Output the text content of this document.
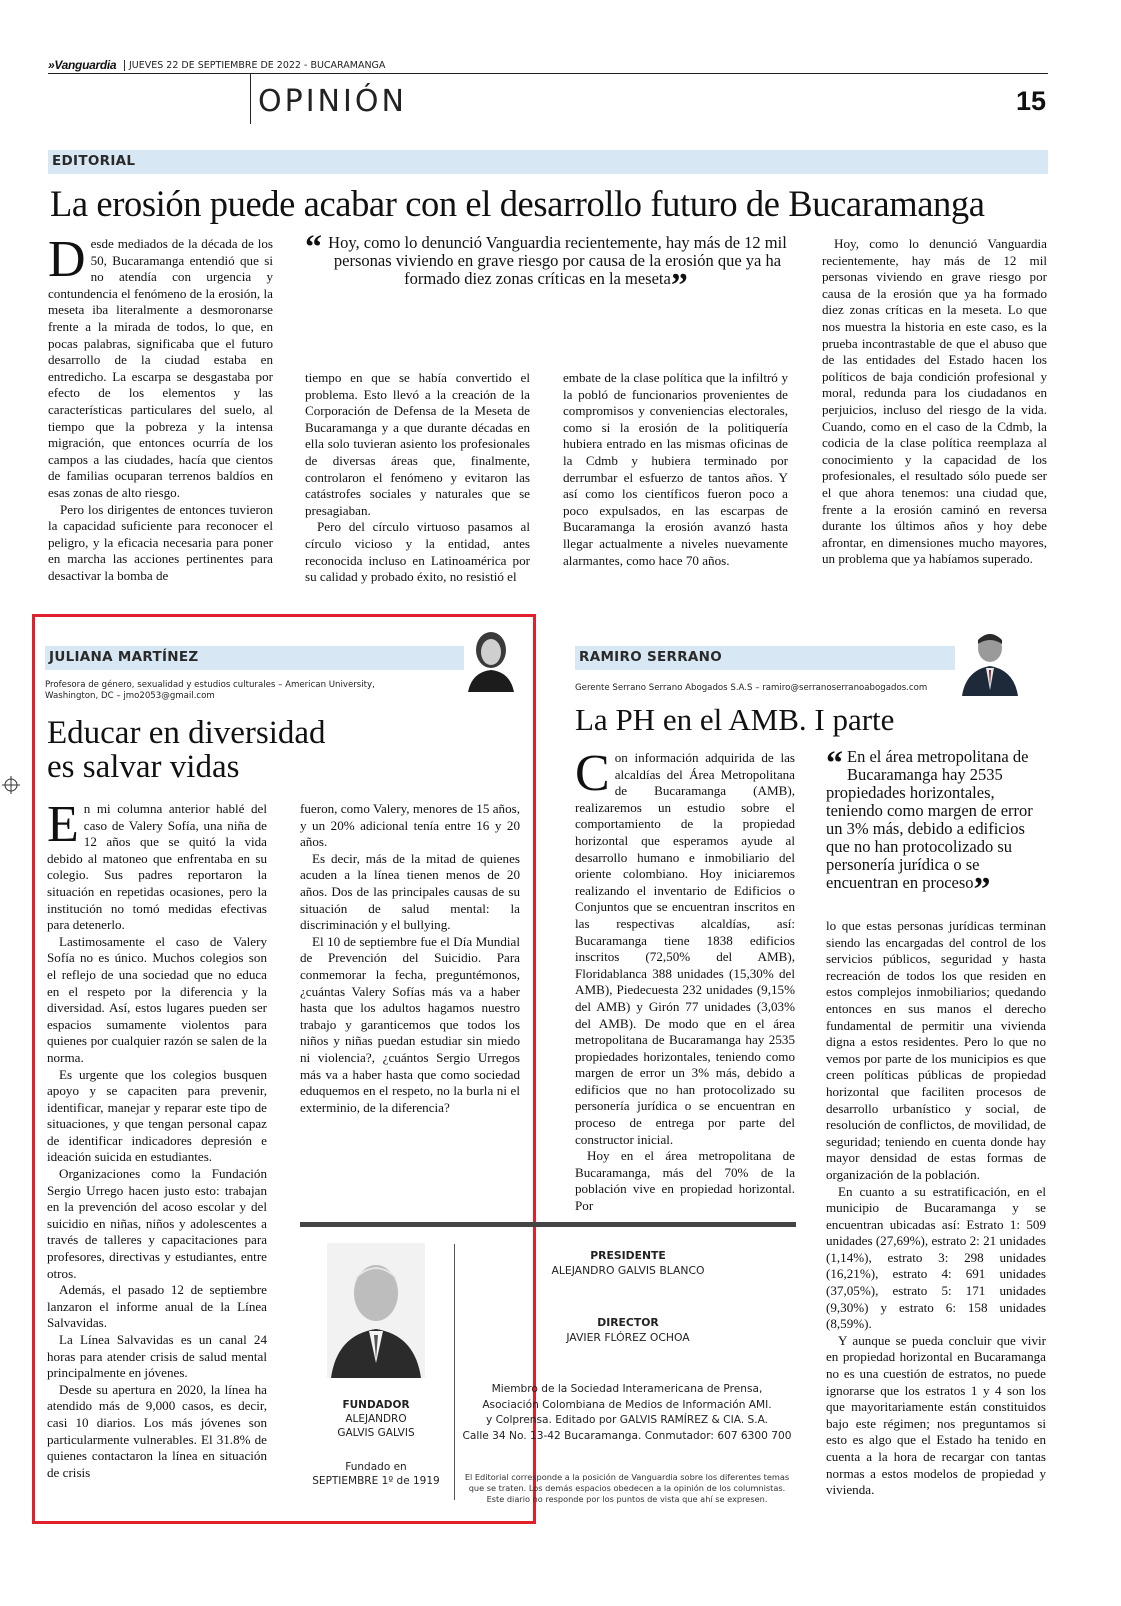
»Vanguardia	JUEVES 22 DE SEPTIEMBRE DE 2022 - BUCARAMANGA
OPINIÓN	15
EDITORIAL
La erosión puede acabar con el desarrollo futuro de Bucaramanga

Desde mediados de la década de los 50, Bucaramanga entendió que si no atendía con urgencia y contundencia el fenómeno de la erosión, la meseta iba literalmente a desmoronarse frente a la mirada de todos, lo que, en pocas palabras, significaba que el futuro desarrollo de la ciudad estaba en entredicho. La escarpa se desgastaba por efecto de los elementos y las características particulares del suelo, al tiempo que la pobreza y la intensa migración, que entonces ocurría de los campos a las ciudades, hacía que cientos de familias ocuparan terrenos baldíos en esas zonas de alto riesgo.

Pero los dirigentes de entonces tuvieron la capacidad suficiente para reconocer el peligro, y la eficacia necesaria para poner en marcha las acciones pertinentes para desactivar la bomba de

“ Hoy, como lo denunció Vanguardia recientemente, hay más de 12 mil personas viviendo en grave riesgo por causa de la erosión que ya ha formado diez zonas críticas en la meseta”

tiempo en que se había convertido el problema. Esto llevó a la creación de la Corporación de Defensa de la Meseta de Bucaramanga y a que durante décadas en ella solo tuvieran asiento los profesionales de diversas áreas que, finalmente, controlaron el fenómeno y evitaron las catástrofes sociales y naturales que se presagiaban.

Pero del círculo virtuoso pasamos al círculo vicioso y la entidad, antes reconocida incluso en Latinoamérica por su calidad y probado éxito, no resistió el

embate de la clase política que la infiltró y la pobló de funcionarios provenientes de compromisos y conveniencias electorales, como si la erosión de la politiquería hubiera entrado en las mismas oficinas de la Cdmb y hubiera terminado por derrumbar el esfuerzo de tantos años. Y así como los científicos fueron poco a poco expulsados, en las escarpas de Bucaramanga la erosión avanzó hasta llegar actualmente a niveles nuevamente alarmantes, como hace 70 años.

Hoy, como lo denunció Vanguardia recientemente, hay más de 12 mil personas viviendo en grave riesgo por causa de la erosión que ya ha formado diez zonas críticas en la meseta. Lo que nos muestra la historia en este caso, es la prueba incontrastable de que el abuso que de las entidades del Estado hacen los políticos de baja condición profesional y moral, redunda para los ciudadanos en perjuicios, incluso del riesgo de la vida. Cuando, como en el caso de la Cdmb, la codicia de la clase política reemplaza al conocimiento y la capacidad de los profesionales, el resultado sólo puede ser el que ahora tenemos: una ciudad que, frente a la erosión caminó en reversa durante los últimos años y hoy debe afrontar, en dimensiones mucho mayores, un problema que ya habíamos superado.

JULIANA MARTÍNEZ
Profesora de género, sexualidad y estudios culturales – American University, Washington, DC – jmo2053@gmail.com
Educar en diversidad
es salvar vidas

En mi columna anterior hablé del caso de Valery Sofía, una niña de 12 años que se quitó la vida debido al matoneo que enfrentaba en su colegio. Sus padres reportaron la situación en repetidas ocasiones, pero la institución no tomó medidas efectivas para detenerlo.

Lastimosamente el caso de Valery Sofía no es único. Muchos colegios son el reflejo de una sociedad que no educa en el respeto por la diferencia y la diversidad. Así, estos lugares pueden ser espacios sumamente violentos para quienes por cualquier razón se salen de la norma.

Es urgente que los colegios busquen apoyo y se capaciten para prevenir, identificar, manejar y reparar este tipo de situaciones, y que tengan personal capaz de identificar indicadores depresión e ideación suicida en estudiantes.

Organizaciones como la Fundación Sergio Urrego hacen justo esto: trabajan en la prevención del acoso escolar y del suicidio en niñas, niños y adolescentes a través de talleres y capacitaciones para profesores, directivas y estudiantes, entre otros.

Además, el pasado 12 de septiembre lanzaron el informe anual de la Línea Salvavidas.

La Línea Salvavidas es un canal 24 horas para atender crisis de salud mental principalmente en jóvenes.

Desde su apertura en 2020, la línea ha atendido más de 9,000 casos, es decir, casi 10 diarios. Los más jóvenes son particularmente vulnerables. El 31.8% de quienes contactaron la línea en situación de crisis

fueron, como Valery, menores de 15 años, y un 20% adicional tenía entre 16 y 20 años.

Es decir, más de la mitad de quienes acuden a la línea tienen menos de 20 años. Dos de las principales causas de su situación de salud mental: la discriminación y el bullying.

El 10 de septiembre fue el Día Mundial de Prevención del Suicidio. Para conmemorar la fecha, preguntémonos, ¿cuántas Valery Sofías más va a haber hasta que los adultos hagamos nuestro trabajo y garanticemos que todos los niños y niñas puedan estudiar sin miedo ni violencia?, ¿cuántos Sergio Urregos más va a haber hasta que como sociedad eduquemos en el respeto, no la burla ni el exterminio, de la diferencia?

RAMIRO SERRANO
Gerente Serrano Serrano Abogados S.A.S – ramiro@serranoserranoabogados.com
La PH en el AMB. I parte

Con información adquirida de las alcaldías del Área Metropolitana de Bucaramanga (AMB), realizaremos un estudio sobre el comportamiento de la propiedad horizontal que esperamos ayude al desarrollo humano e inmobiliario del oriente colombiano. Hoy iniciaremos realizando el inventario de Edificios o Conjuntos que se encuentran inscritos en las respectivas alcaldías, así: Bucaramanga tiene 1838 edificios inscritos (72,50% del AMB), Floridablanca 388 unidades (15,30% del AMB), Piedecuesta 232 unidades (9,15% del AMB) y Girón 77 unidades (3,03% del AMB). De modo que en el área metropolitana de Bucaramanga hay 2535 propiedades horizontales, teniendo como margen de error un 3% más, debido a edificios que no han protocolizado su personería jurídica o se encuentran en proceso de entrega por parte del constructor inicial.

Hoy en el área metropolitana de Bucaramanga, más del 70% de la población vive en propiedad horizontal. Por

“ En el área metropolitana de Bucaramanga hay 2535 propiedades horizontales, teniendo como margen de error un 3% más, debido a edificios que no han protocolizado su personería jurídica o se encuentran en proceso”

lo que estas personas jurídicas terminan siendo las encargadas del control de los servicios públicos, seguridad y hasta recreación de todos los que residen en estos complejos inmobiliarios; quedando entonces en sus manos el derecho fundamental de permitir una vivienda digna a estos residentes. Pero lo que no vemos por parte de los municipios es que creen políticas públicas de propiedad horizontal que faciliten procesos de desarrollo urbanístico y social, de resolución de conflictos, de movilidad, de seguridad; teniendo en cuenta donde hay mayor densidad de estas formas de organización de la población.

En cuanto a su estratificación, en el municipio de Bucaramanga y se encuentran ubicadas así: Estrato 1: 509 unidades (27,69%), estrato 2: 21 unidades (1,14%), estrato 3: 298 unidades (16,21%), estrato 4: 691 unidades (37,05%), estrato 5: 171 unidades (9,30%) y estrato 6: 158 unidades (8,59%).

Y aunque se pueda concluir que vivir en propiedad horizontal en Bucaramanga no es una cuestión de estratos, no puede ignorarse que los estratos 1 y 4 son los que mayoritariamente están constituidos bajo este régimen; nos preguntamos si esto es algo que el Estado ha tenido en cuenta a la hora de recargar con tantas normas a estos modelos de propiedad y vivienda.

FUNDADOR
ALEJANDRO
GALVIS GALVIS
Fundado en
SEPTIEMBRE 1º de 1919
PRESIDENTE
ALEJANDRO GALVIS BLANCO
DIRECTOR
JAVIER FLÓREZ OCHOA
Miembro de la Sociedad Interamericana de Prensa,
Asociación Colombiana de Medios de Información AMI.
y Colprensa. Editado por GALVIS RAMÍREZ & CIA. S.A.
Calle 34 No. 13-42 Bucaramanga. Conmutador: 607 6300 700
El Editorial corresponde a la posición de Vanguardia sobre los diferentes temas
que se traten. Los demás espacios obedecen a la opinión de los columnistas.
Este diario no responde por los puntos de vista que ahí se expresen.
